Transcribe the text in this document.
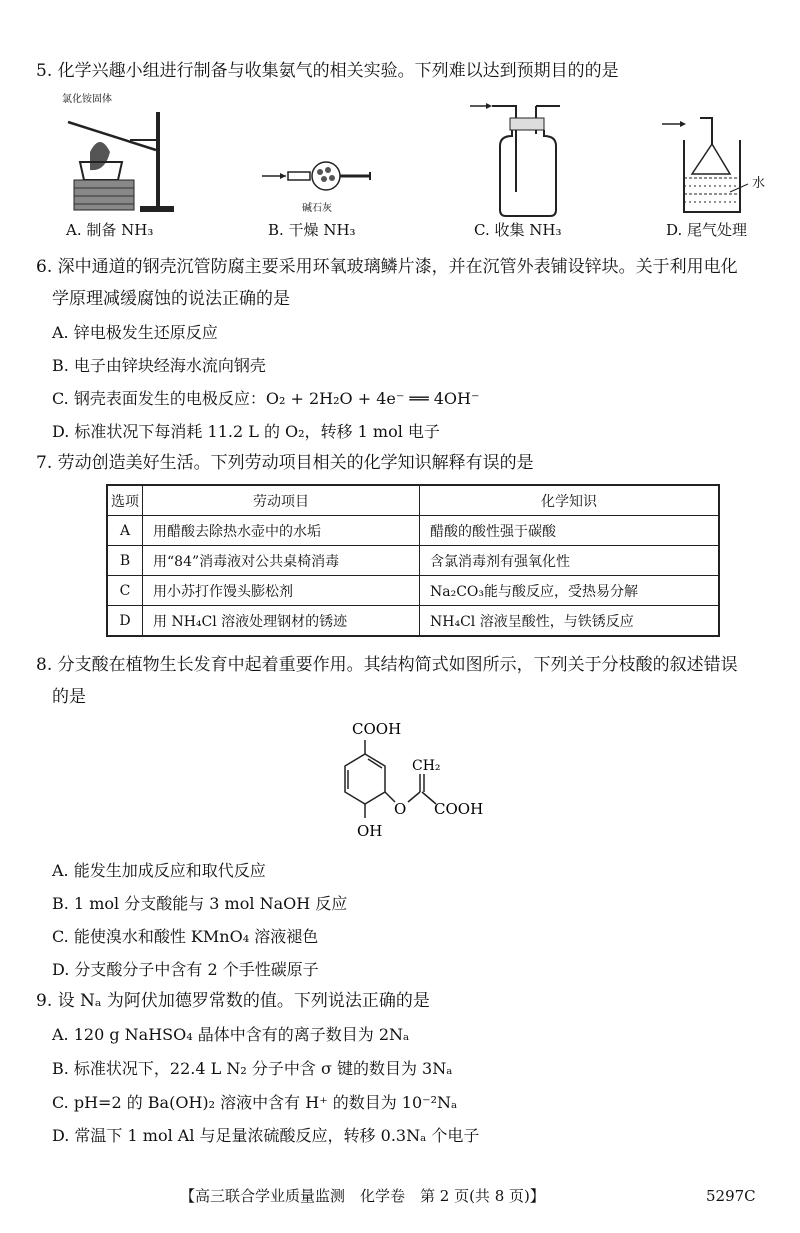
5. 化学兴趣小组进行制备与收集氨气的相关实验。下列难以达到预期目的的是
氯化铵固体
碱石灰
水
A. 制备 NH₃	B. 干燥 NH₃	C. 收集 NH₃	D. 尾气处理
6. 深中通道的钢壳沉管防腐主要采用环氧玻璃鳞片漆，并在沉管外表铺设锌块。关于利用电化
学原理减缓腐蚀的说法正确的是
A. 锌电极发生还原反应
B. 电子由锌块经海水流向钢壳
C. 钢壳表面发生的电极反应：O₂ + 2H₂O + 4e⁻ ══ 4OH⁻
D. 标准状况下每消耗 11.2 L 的 O₂，转移 1 mol 电子
7. 劳动创造美好生活。下列劳动项目相关的化学知识解释有误的是
选项	劳动项目	化学知识
A	用醋酸去除热水壶中的水垢	醋酸的酸性强于碳酸
B	用“84”消毒液对公共桌椅消毒	含氯消毒剂有强氧化性
C	用小苏打作馒头膨松剂	Na₂CO₃能与酸反应，受热易分解
D	用 NH₄Cl 溶液处理钢材的锈迹	NH₄Cl 溶液呈酸性，与铁锈反应
8. 分支酸在植物生长发育中起着重要作用。其结构简式如图所示，下列关于分枝酸的叙述错误
的是
COOH
CH₂
O COOH
OH
A. 能发生加成反应和取代反应
B. 1 mol 分支酸能与 3 mol NaOH 反应
C. 能使溴水和酸性 KMnO₄ 溶液褪色
D. 分支酸分子中含有 2 个手性碳原子
9. 设 Nₐ 为阿伏加德罗常数的值。下列说法正确的是
A. 120 g NaHSO₄ 晶体中含有的离子数目为 2Nₐ
B. 标准状况下，22.4 L N₂ 分子中含 σ 键的数目为 3Nₐ
C. pH=2 的 Ba(OH)₂ 溶液中含有 H⁺ 的数目为 10⁻²Nₐ
D. 常温下 1 mol Al 与足量浓硫酸反应，转移 0.3Nₐ 个电子
【高三联合学业质量监测　化学卷　第 2 页(共 8 页)】	5297C
